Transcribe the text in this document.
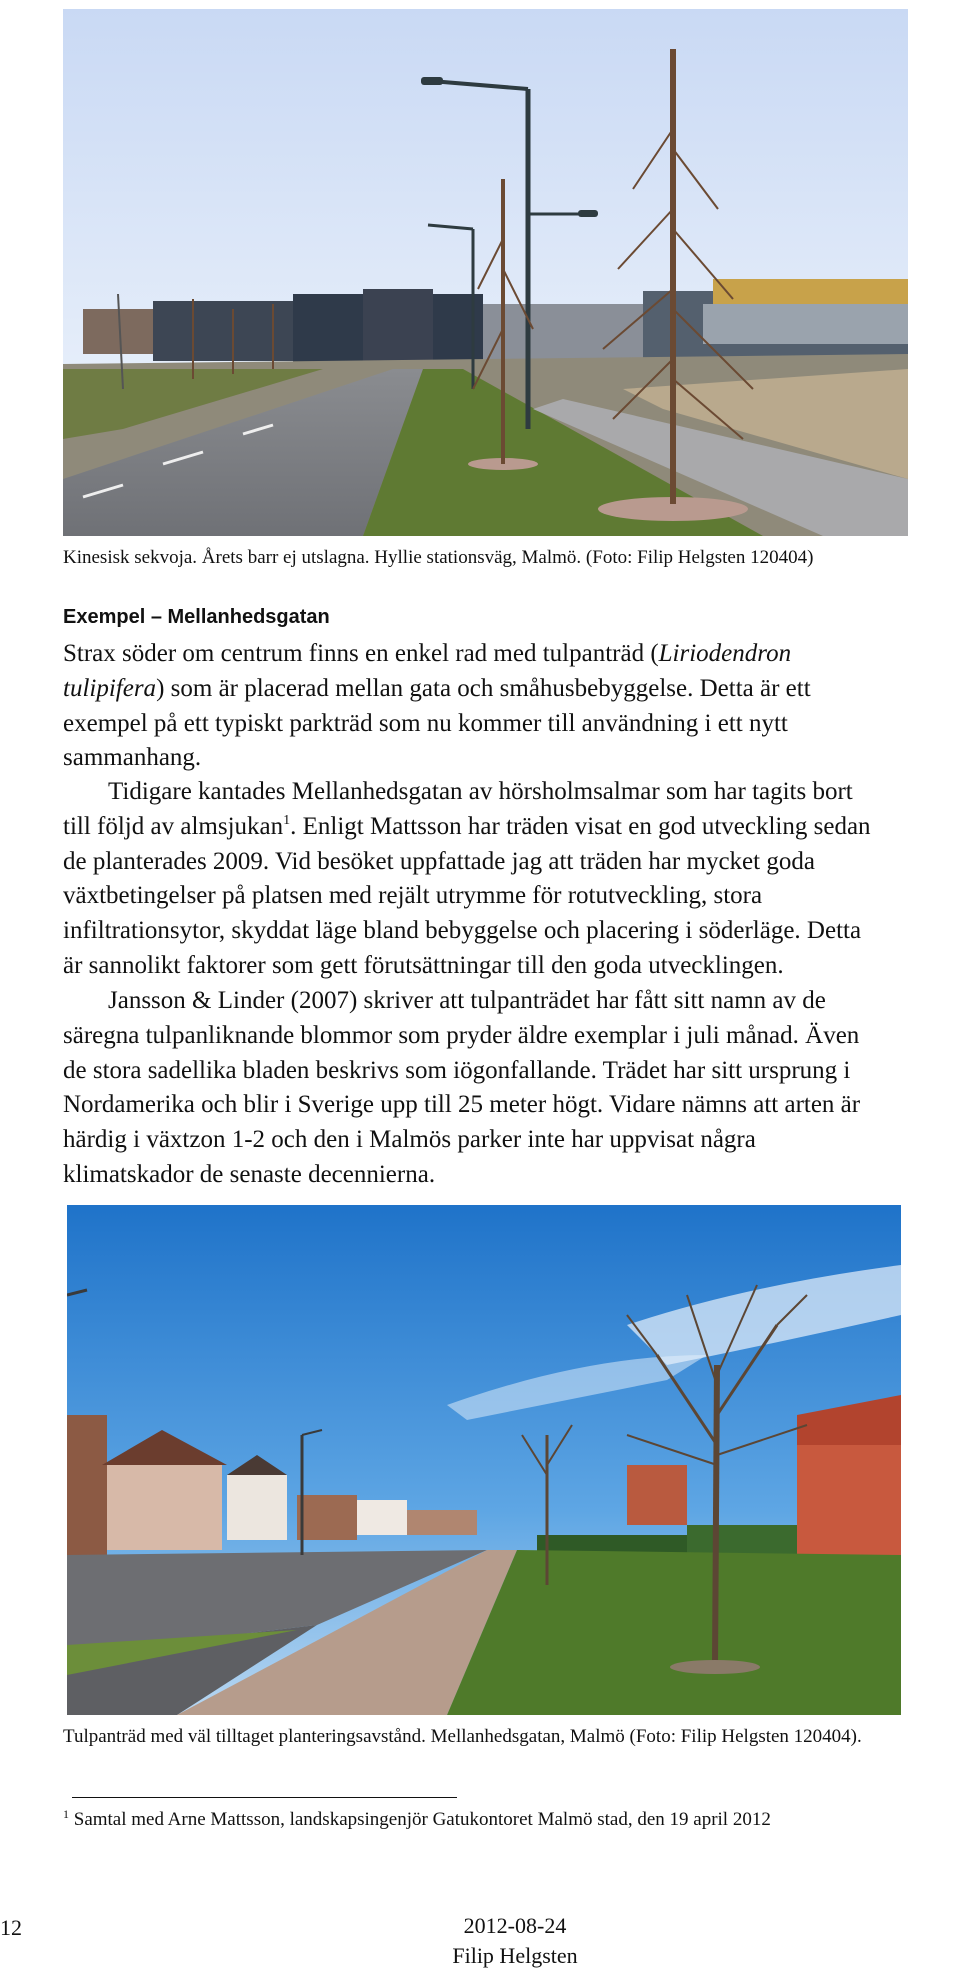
Kinesisk sekvoja. Årets barr ej utslagna. Hyllie stationsväg, Malmö. (Foto: Filip Helgsten 120404)
Exempel – Mellanhedsgatan
Strax söder om centrum finns en enkel rad med tulpanträd (Liriodendron
tulipifera) som är placerad mellan gata och småhusbebyggelse. Detta är ett
exempel på ett typiskt parkträd som nu kommer till användning i ett nytt
sammanhang.
Tidigare kantades Mellanhedsgatan av hörsholmsalmar som har tagits bort
till följd av almsjukan$^1$. Enligt Mattsson har träden visat en god utveckling sedan
de planterades 2009. Vid besöket uppfattade jag att träden har mycket goda
växtbetingelser på platsen med rejält utrymme för rotutveckling, stora
infiltrationsytor, skyddat läge bland bebyggelse och placering i söderläge. Detta
är sannolikt faktorer som gett förutsättningar till den goda utvecklingen.
Jansson & Linder (2007) skriver att tulpanträdet har fått sitt namn av de
säregna tulpanliknande blommor som pryder äldre exemplar i juli månad. Även
de stora sadellika bladen beskrivs som iögonfallande. Trädet har sitt ursprung i
Nordamerika och blir i Sverige upp till 25 meter högt. Vidare nämns att arten är
härdig i växtzon 1-2 och den i Malmös parker inte har uppvisat några
klimatskador de senaste decennierna.
Tulpanträd med väl tilltaget planteringsavstånd. Mellanhedsgatan, Malmö (Foto: Filip Helgsten 120404).
$^1$ Samtal med Arne Mattsson, landskapsingenjör Gatukontoret Malmö stad, den 19 april 2012
12	2012-08-24
Filip Helgsten
